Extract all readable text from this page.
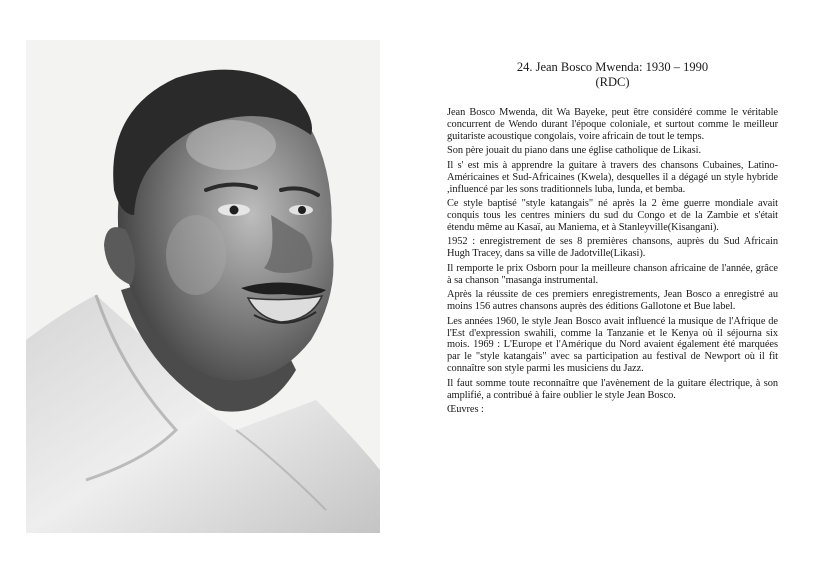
24. Jean Bosco Mwenda: 1930 – 1990
(RDC)

Jean Bosco Mwenda, dit Wa Bayeke, peut être considéré comme le véritable concurrent de Wendo durant l'époque coloniale, et surtout comme le meilleur guitariste acoustique congolais, voire africain de tout le temps.

Son père jouait du piano dans une église catholique de Likasi.

Il s' est mis à apprendre la guitare à travers des chansons Cubaines, Latino-Américaines et Sud-Africaines (Kwela), desquelles il a dégagé un style hybride ,influencé par les sons traditionnels luba, lunda, et bemba.

Ce style baptisé "style katangais" né après la 2 ème guerre mondiale avait conquis tous les centres miniers du sud du Congo et de la Zambie et s'était étendu même au Kasaï, au Maniema, et à Stanleyville(Kisangani).

1952 : enregistrement de ses 8 premières chansons, auprès du Sud Africain Hugh Tracey, dans sa ville de Jadotville(Likasi).

Il remporte le prix Osborn pour la meilleure chanson africaine de l'année, grâce à sa chanson "masanga instrumental.

Après la réussite de ces premiers enregistrements, Jean Bosco a enregistré au moins 156 autres chansons auprès des éditions Gallotone et Bue label.

Les années 1960, le style Jean Bosco avait influencé la musique de l'Afrique de l'Est d'expression swahili, comme la Tanzanie et le Kenya où il séjourna six mois. 1969 : L'Europe et l'Amérique du Nord avaient également été marquées par le "style katangais" avec sa participation au festival de Newport où il fit connaître son style parmi les musiciens du Jazz.

Il faut somme toute reconnaître que l'avènement de la guitare électrique, à son amplifié, a contribué à faire oublier le style Jean Bosco.

Œuvres :
